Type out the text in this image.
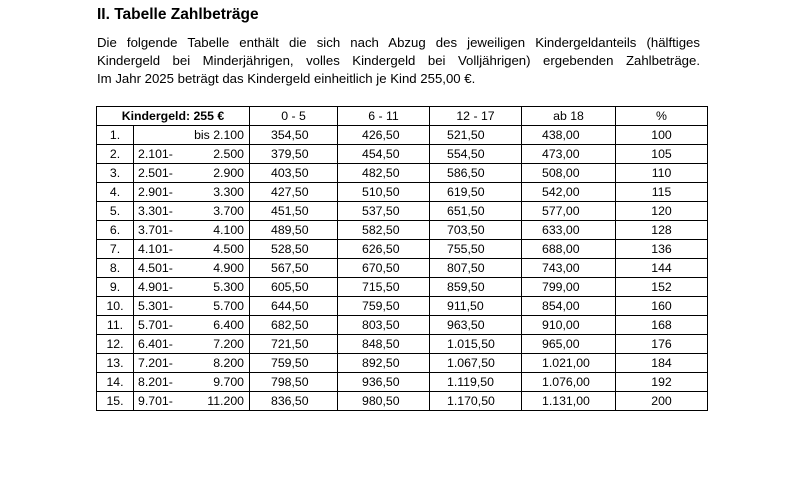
II. Tabelle Zahlbeträge
Die folgende Tabelle enthält die sich nach Abzug des jeweiligen Kindergeldanteils (hälftiges
Kindergeld bei Minderjährigen, volles Kindergeld bei Volljährigen) ergebenden Zahlbeträge.
Im Jahr 2025 beträgt das Kindergeld einheitlich je Kind 255,00 €.
Kindergeld: 255 €			0 - 5	6 - 11	12 - 17	ab 18	%
1.		bis 2.100	354,50	426,50	521,50	438,00	100
2.	2.101-	2.500	379,50	454,50	554,50	473,00	105
3.	2.501-	2.900	403,50	482,50	586,50	508,00	110
4.	2.901-	3.300	427,50	510,50	619,50	542,00	115
5.	3.301-	3.700	451,50	537,50	651,50	577,00	120
6.	3.701-	4.100	489,50	582,50	703,50	633,00	128
7.	4.101-	4.500	528,50	626,50	755,50	688,00	136
8.	4.501-	4.900	567,50	670,50	807,50	743,00	144
9.	4.901-	5.300	605,50	715,50	859,50	799,00	152
10.	5.301-	5.700	644,50	759,50	911,50	854,00	160
11.	5.701-	6.400	682,50	803,50	963,50	910,00	168
12.	6.401-	7.200	721,50	848,50	1.015,50	965,00	176
13.	7.201-	8.200	759,50	892,50	1.067,50	1.021,00	184
14.	8.201-	9.700	798,50	936,50	1.119,50	1.076,00	192
15.	9.701-	11.200	836,50	980,50	1.170,50	1.131,00	200
